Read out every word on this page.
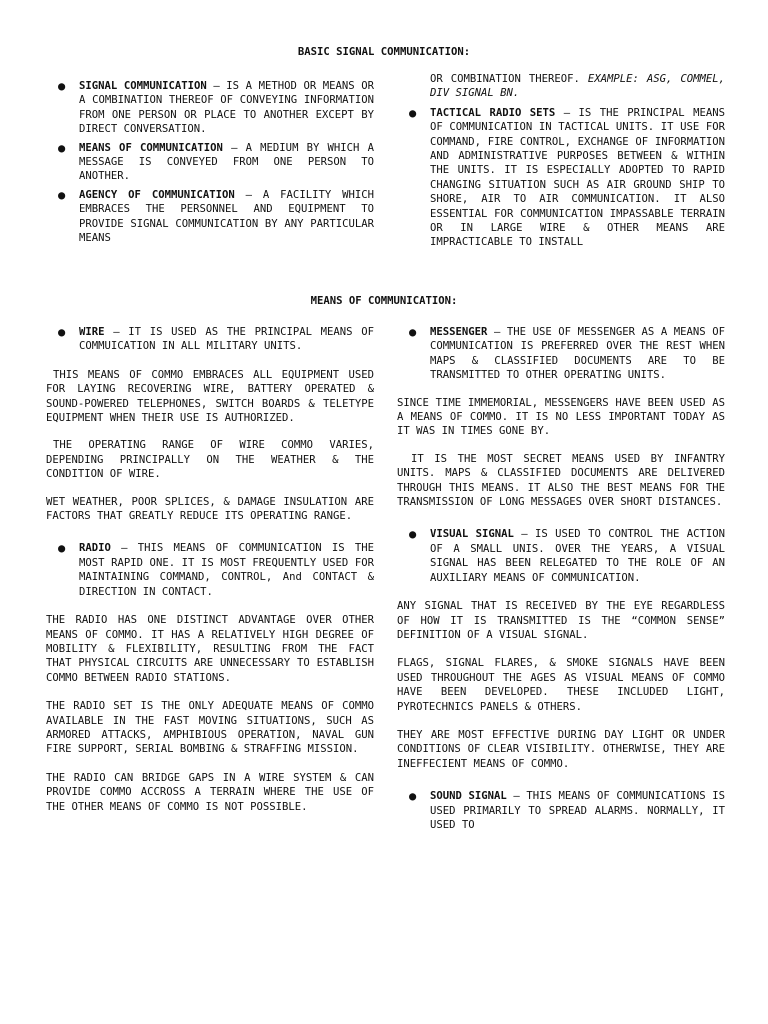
BASIC SIGNAL COMMUNICATION:
● SIGNAL COMMUNICATION – IS A METHOD OR MEANS OR A COMBINATION THEREOF OF CONVEYING INFORMATION FROM ONE PERSON OR PLACE TO ANOTHER EXCEPT BY DIRECT CONVERSATION.

● MEANS OF COMMUNICATION – A MEDIUM BY WHICH A MESSAGE IS CONVEYED FROM ONE PERSON TO ANOTHER.

● AGENCY OF COMMUNICATION – A FACILITY WHICH EMBRACES THE PERSONNEL AND EQUIPMENT TO PROVIDE SIGNAL COMMUNICATION BY ANY PARTICULAR MEANS

OR COMBINATION THEREOF. EXAMPLE: ASG, COMMEL, DIV SIGNAL BN.

● TACTICAL RADIO SETS – IS THE PRINCIPAL MEANS OF COMMUNICATION IN TACTICAL UNITS. IT USE FOR COMMAND, FIRE CONTROL, EXCHANGE OF INFORMATION AND ADMINISTRATIVE PURPOSES BETWEEN & WITHIN THE UNITS. IT IS ESPECIALLY ADOPTED TO RAPID CHANGING SITUATION SUCH AS AIR GROUND SHIP TO SHORE, AIR TO AIR COMMUNICATION. IT ALSO ESSENTIAL FOR COMMUNICATION IMPASSABLE TERRAIN OR IN LARGE WIRE & OTHER MEANS ARE IMPRACTICABLE TO INSTALL

MEANS OF COMMUNICATION:
● WIRE – IT IS USED AS THE PRINCIPAL MEANS OF COMMUICATION IN ALL MILITARY UNITS.

THIS MEANS OF COMMO EMBRACES ALL EQUIPMENT USED FOR LAYING RECOVERING WIRE, BATTERY OPERATED & SOUND-POWERED TELEPHONES, SWITCH BOARDS & TELETYPE EQUIPMENT WHEN THEIR USE IS AUTHORIZED.

THE OPERATING RANGE OF WIRE COMMO VARIES, DEPENDING PRINCIPALLY ON THE WEATHER & THE CONDITION OF WIRE.

WET WEATHER, POOR SPLICES, & DAMAGE INSULATION ARE FACTORS THAT GREATLY REDUCE ITS OPERATING RANGE.

● RADIO – THIS MEANS OF COMMUNICATION IS THE MOST RAPID ONE. IT IS MOST FREQUENTLY USED FOR MAINTAINING COMMAND, CONTROL, And CONTACT & DIRECTION IN CONTACT.

THE RADIO HAS ONE DISTINCT ADVANTAGE OVER OTHER MEANS OF COMMO. IT HAS A RELATIVELY HIGH DEGREE OF MOBILITY & FLEXIBILITY, RESULTING FROM THE FACT THAT PHYSICAL CIRCUITS ARE UNNECESSARY TO ESTABLISH COMMO BETWEEN RADIO STATIONS.

THE RADIO SET IS THE ONLY ADEQUATE MEANS OF COMMO AVAILABLE IN THE FAST MOVING SITUATIONS, SUCH AS ARMORED ATTACKS, AMPHIBIOUS OPERATION, NAVAL GUN FIRE SUPPORT, SERIAL BOMBING & STRAFFING MISSION.

THE RADIO CAN BRIDGE GAPS IN A WIRE SYSTEM & CAN PROVIDE COMMO ACCROSS A TERRAIN WHERE THE USE OF THE OTHER MEANS OF COMMO IS NOT POSSIBLE.

● MESSENGER – THE USE OF MESSENGER AS A MEANS OF COMMUNICATION IS PREFERRED OVER THE REST WHEN MAPS & CLASSIFIED DOCUMENTS ARE TO BE TRANSMITTED TO OTHER OPERATING UNITS.

SINCE TIME IMMEMORIAL, MESSENGERS HAVE BEEN USED AS A MEANS OF COMMO. IT IS NO LESS IMPORTANT TODAY AS IT WAS IN TIMES GONE BY.

IT IS THE MOST SECRET MEANS USED BY INFANTRY UNITS. MAPS & CLASSIFIED DOCUMENTS ARE DELIVERED THROUGH THIS MEANS. IT ALSO THE BEST MEANS FOR THE TRANSMISSION OF LONG MESSAGES OVER SHORT DISTANCES.

● VISUAL SIGNAL – IS USED TO CONTROL THE ACTION OF A SMALL UNIS. OVER THE YEARS, A VISUAL SIGNAL HAS BEEN RELEGATED TO THE ROLE OF AN AUXILIARY MEANS OF COMMUNICATION.

ANY SIGNAL THAT IS RECEIVED BY THE EYE REGARDLESS OF HOW IT IS TRANSMITTED IS THE “COMMON SENSE” DEFINITION OF A VISUAL SIGNAL.

FLAGS, SIGNAL FLARES, & SMOKE SIGNALS HAVE BEEN USED THROUGHOUT THE AGES AS VISUAL MEANS OF COMMO HAVE BEEN DEVELOPED. THESE INCLUDED LIGHT, PYROTECHNICS PANELS & OTHERS.

THEY ARE MOST EFFECTIVE DURING DAY LIGHT OR UNDER CONDITIONS OF CLEAR VISIBILITY. OTHERWISE, THEY ARE INEFFECIENT MEANS OF COMMO.

● SOUND SIGNAL – THIS MEANS OF COMMUNICATIONS IS USED PRIMARILY TO SPREAD ALARMS. NORMALLY, IT USED TO
